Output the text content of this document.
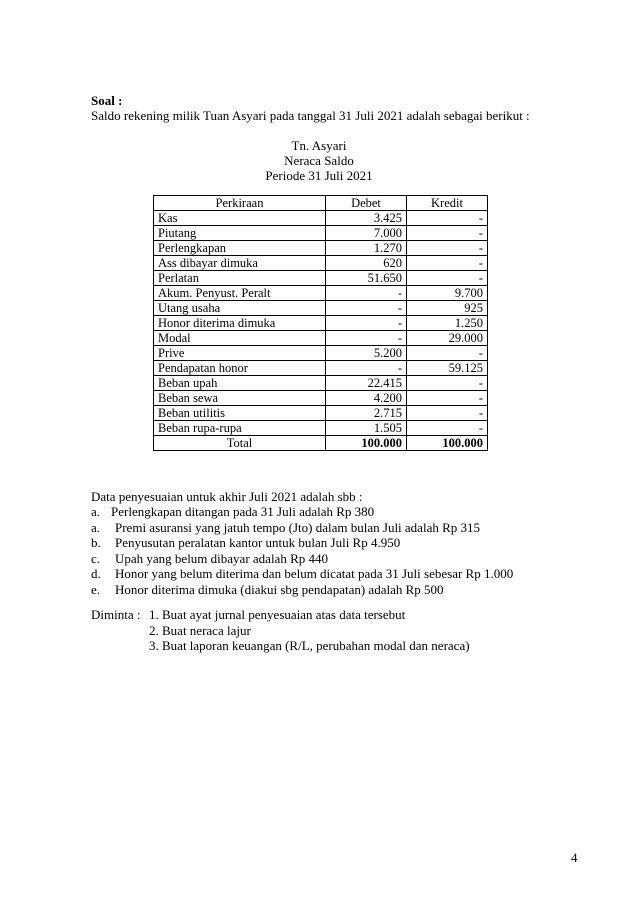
Soal :
Saldo rekening milik Tuan Asyari pada tanggal 31 Juli 2021 adalah sebagai berikut :
Tn. Asyari
Neraca Saldo
Periode 31 Juli 2021
Perkiraan	Debet	Kredit
Kas	3.425	-
Piutang	7.000	-
Perlengkapan	1.270	-
Ass dibayar dimuka	620	-
Perlatan	51.650	-
Akum. Penyust. Peralt	-	9.700
Utang usaha	-	925
Honor diterima dimuka	-	1.250
Modal	-	29.000
Prive	5.200	-
Pendapatan honor	-	59.125
Beban upah	22.415	-
Beban sewa	4.200	-
Beban utilitis	2.715	-
Beban rupa-rupa	1.505	-
Total	100.000	100.000
Data penyesuaian untuk akhir Juli 2021 adalah sbb :
a. Perlengkapan ditangan pada 31 Juli adalah Rp 380
a. Premi asuransi yang jatuh tempo (Jto) dalam bulan Juli adalah Rp 315
b. Penyusutan peralatan kantor untuk bulan Juli Rp 4.950
c. Upah yang belum dibayar adalah Rp 440
d. Honor yang belum diterima dan belum dicatat pada 31 Juli sebesar Rp 1.000
e. Honor diterima dimuka (diakui sbg pendapatan) adalah Rp 500
Diminta : 1. Buat ayat jurnal penyesuaian atas data tersebut
2. Buat neraca lajur
3. Buat laporan keuangan (R/L, perubahan modal dan neraca)
4
